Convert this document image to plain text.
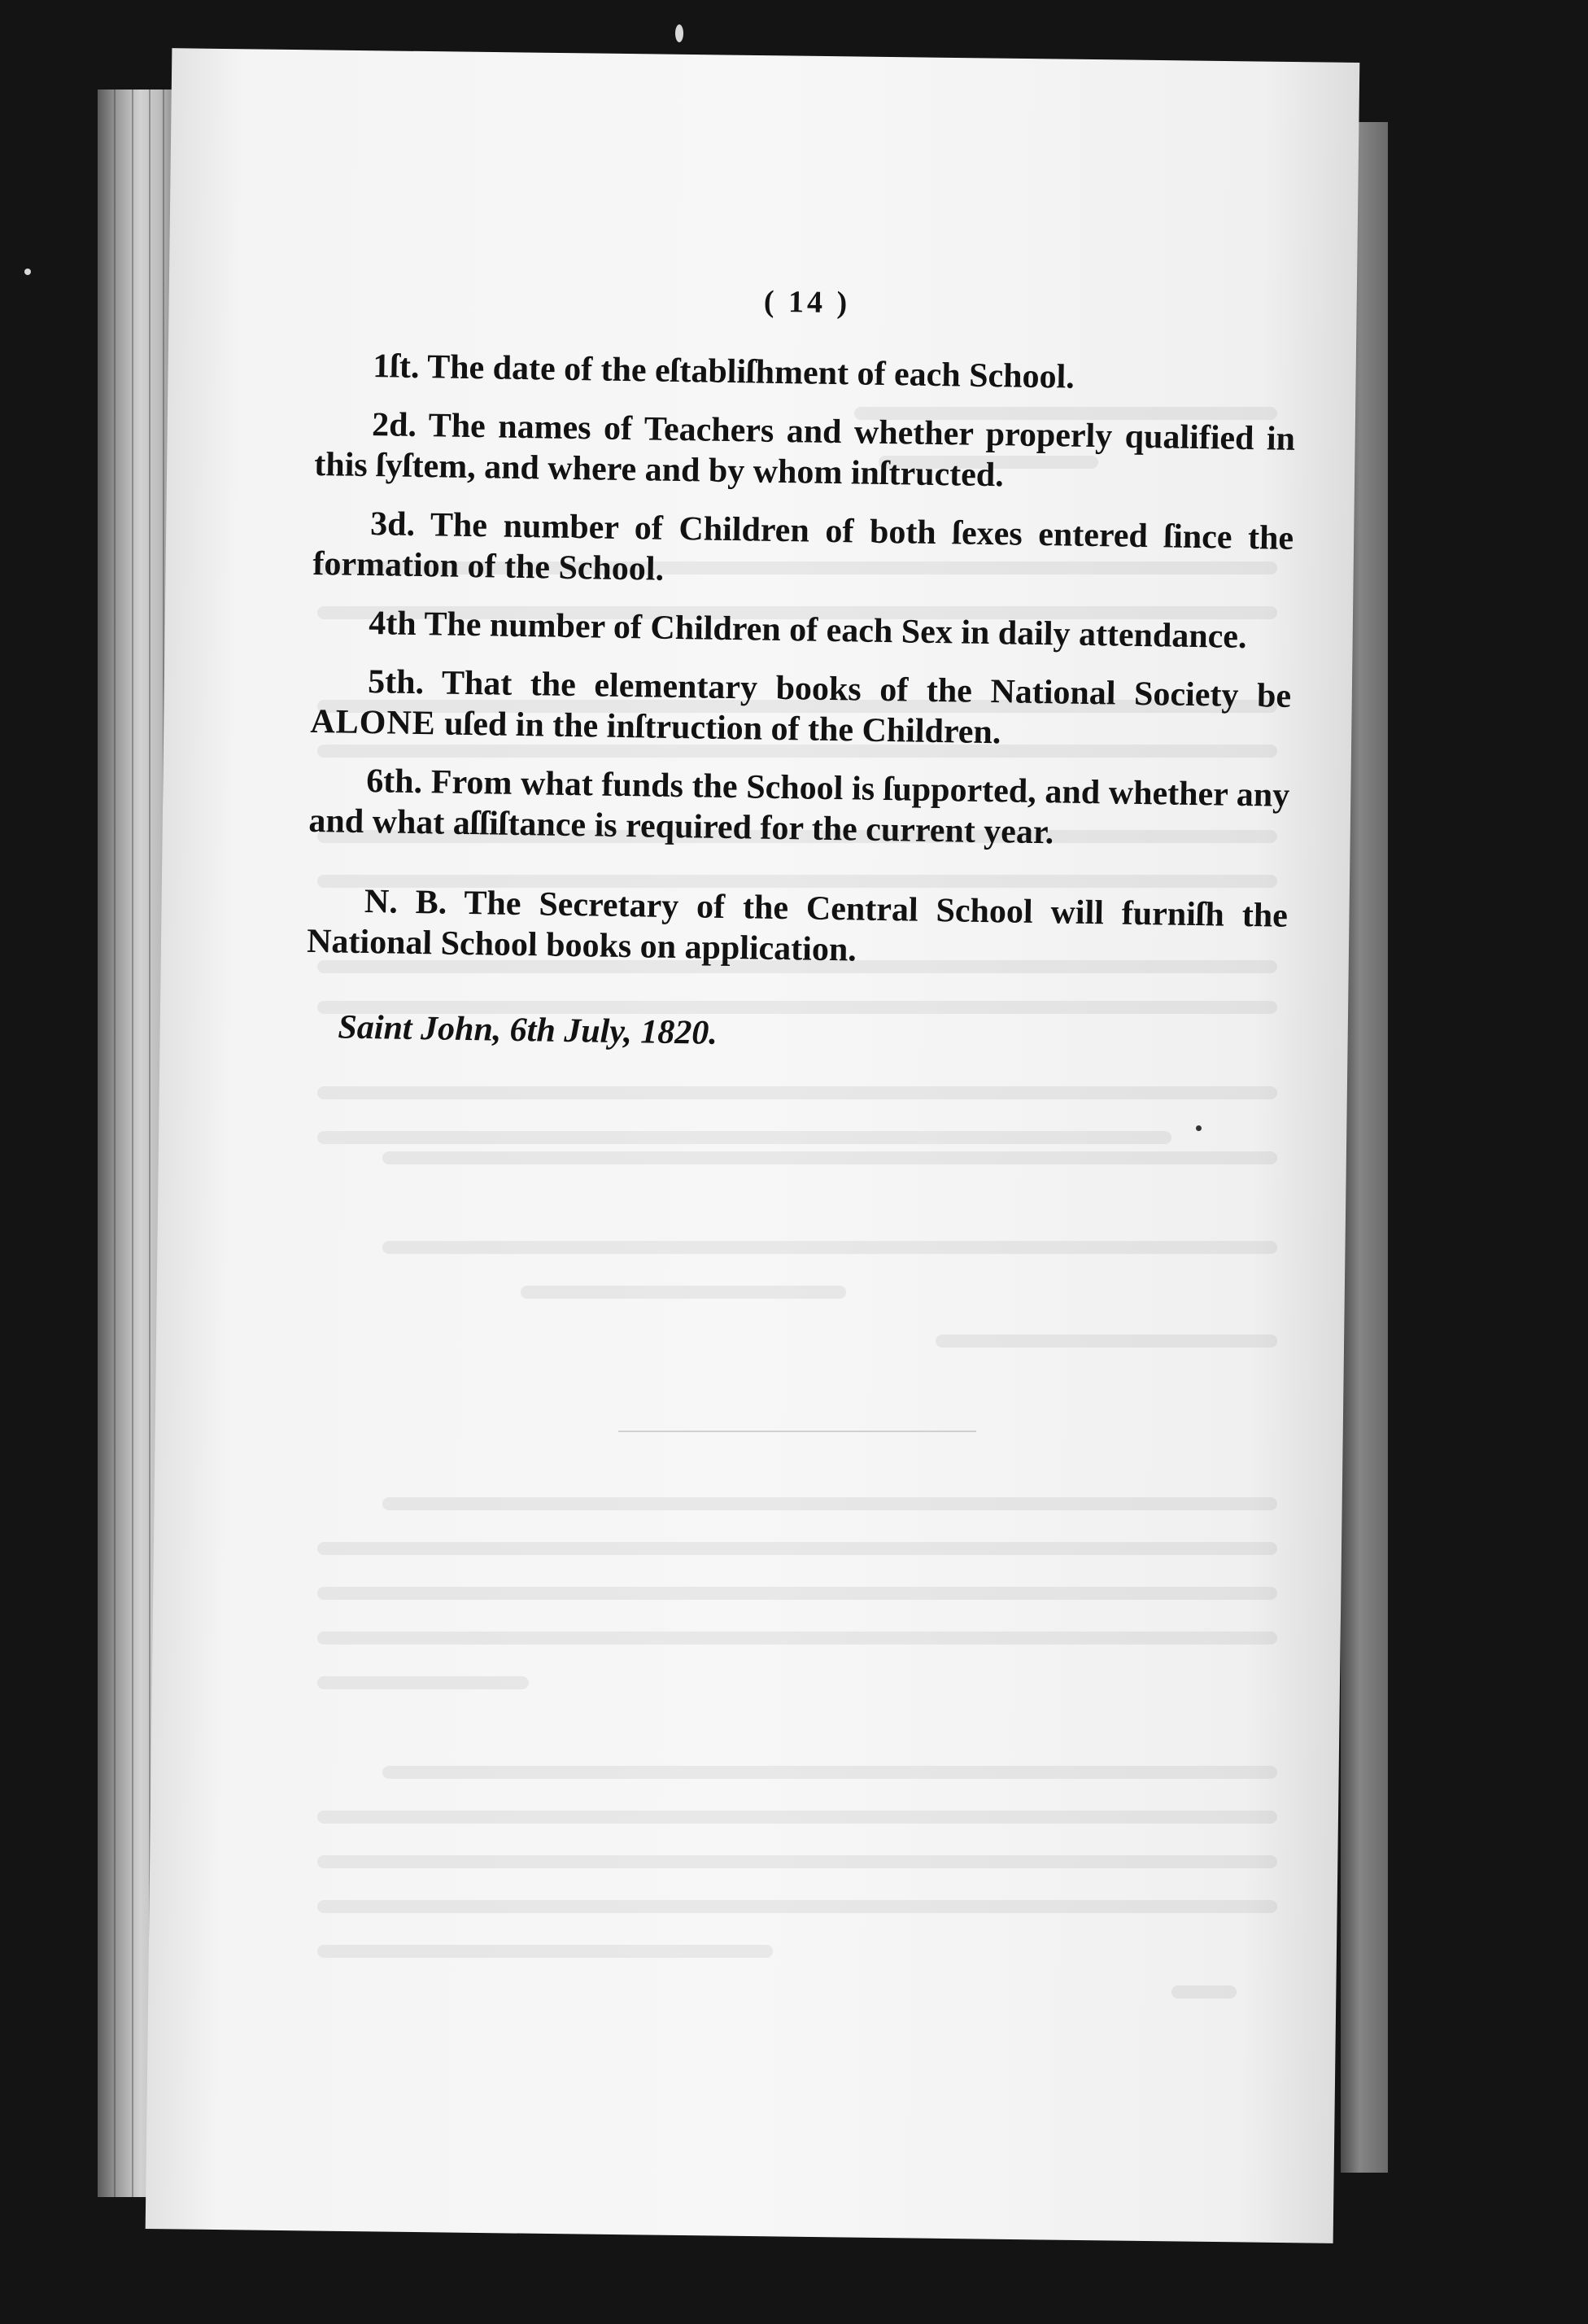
( 14 )

1ſt. The date of the eſtabliſhment of each School.

2d. The names of Teachers and whether properly qualified in this ſyſtem, and where and by whom inſtructed.

3d. The number of Children of both ſexes entered ſince the formation of the School.

4th The number of Children of each Sex in daily attendance.

5th. That the elementary books of the National Society be ALONE uſed in the inſtruction of the Children.

6th. From what funds the School is ſupported, and whether any and what aſſiſtance is required for the current year.

N. B. The Secretary of the Central School will furniſh the National School books on application.

Saint John, 6th July, 1820.
